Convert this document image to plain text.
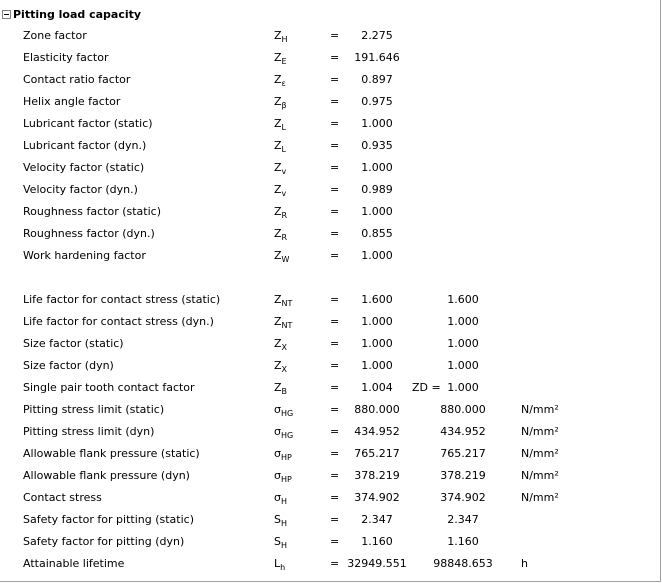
Pitting load capacity
Zone factor	$Z_H$	=	2.275
Elasticity factor	$Z_E$	=	191.646
Contact ratio factor	$Z_\varepsilon$	=	0.897
Helix angle factor	$Z_\beta$	=	0.975
Lubricant factor (static)	$Z_L$	=	1.000
Lubricant factor (dyn.)	$Z_L$	=	0.935
Velocity factor (static)	$Z_v$	=	1.000
Velocity factor (dyn.)	$Z_v$	=	0.989
Roughness factor (static)	$Z_R$	=	1.000
Roughness factor (dyn.)	$Z_R$	=	0.855
Work hardening factor	$Z_W$	=	1.000
Life factor for contact stress (static)	$Z_{NT}$	=	1.600	1.600
Life factor for contact stress (dyn.)	$Z_{NT}$	=	1.000	1.000
Size factor (static)	$Z_X$	=	1.000	1.000
Size factor (dyn)	$Z_X$	=	1.000	1.000
Single pair tooth contact factor	$Z_B$	=	1.004	ZD = 1.000
Pitting stress limit (static)	$\sigma_{HG}$	=	880.000	880.000	N/mm²
Pitting stress limit (dyn)	$\sigma_{HG}$	=	434.952	434.952	N/mm²
Allowable flank pressure (static)	$\sigma_{HP}$	=	765.217	765.217	N/mm²
Allowable flank pressure (dyn)	$\sigma_{HP}$	=	378.219	378.219	N/mm²
Contact stress	$\sigma_H$	=	374.902	374.902	N/mm²
Safety factor for pitting (static)	$S_H$	=	2.347	2.347
Safety factor for pitting (dyn)	$S_H$	=	1.160	1.160
Attainable lifetime	$L_h$	= 32949.551	98848.653	h
